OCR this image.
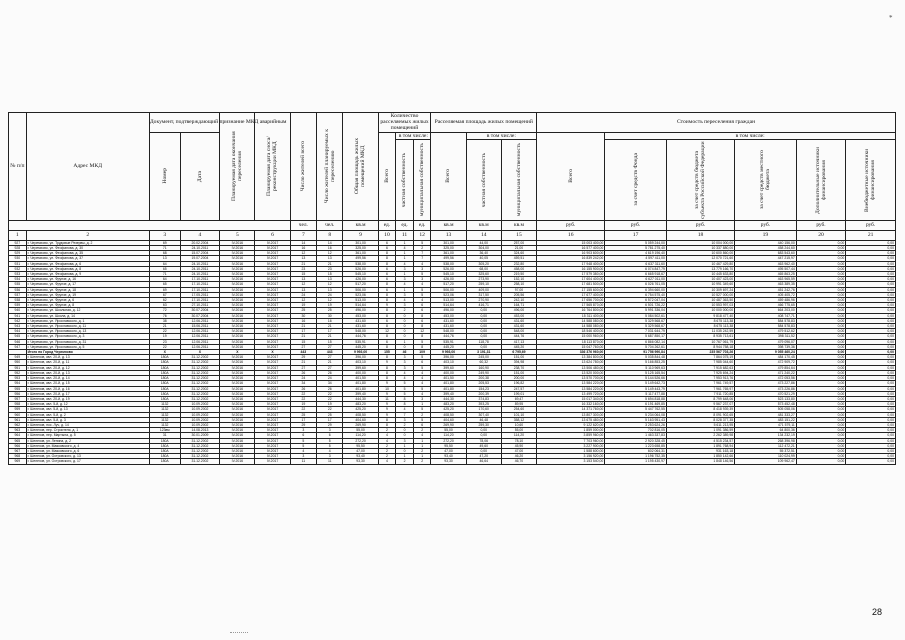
*
№ п/п	Адрес МКД	Документ, подтверждающий признание МКД аварийным		Планируемая дата окончания переселения	Планируемая дата сноса/реконструкции МКД	Число жителей всего	Число жителей планируемых к переселению	Общая площадь жилых помещений МКД	Количество расселяемых жилых помещений			Расселяемая площадь жилых помещений			Стоимость переселения граждан					

		Номер	Дата						Всего	в том числе:		Всего	в том числе:		Всего	в том числе:				

										частная собственность	муниципальная собственность		частная собственность	муниципальная собственность		за счет средств Фонда	за счет средств бюджета субъекта Российской Федерации	за счет средств местного бюджета	Дополнительные источники финансирования	Внебюджетные источники финансирования

						чел.	чел.	кв.м	ед.	ед.	ед.	кв.м	кв.м	кв.м	руб.	руб.	руб.	руб.	руб.	руб.
1	2	3	4	5	6	7	8	9	10	11	12	13	14	15	16	17	18	19	20	21
927	г. Черемхово, ул. Трудовые Резервы, д. 2	69	20.02.2004	IV.2016	IV.2017	14	14	301,00	6	1	5	301,00	44,00	257,00	15 003 400,00	5 059 244,00	10 004 000,00	440 156,00	0,00	0,00
928	г. Черемхово, ул. Феофанова, д. 30	71	24.10.2011	IV.2016	IV.2017	16	16	325,00	6	4	2	325,00	304,00	21,00	16 577 400,00	5 781 275,40	10 337 880,00	458 244,60	0,00	0,00
929	г. Черемхово, ул. Феофанова, д. 35	68	15.07.2004	IV.2016	IV.2017	12	12	361,00	8	1	7	361,00	36,40	324,60	16 903 600,00	4 619 196,40	10 600 860,00	683 543,60	0,00	0,00
930	г. Черемхово, ул. Феофанова, д. 37	13	19.07.2004	IV.2016	IV.2017	13	13	499,56	8	1	7	499,56	40,05	459,51	16 839 242,00	4 597 411,00	12 070 721,60	447 215,97	0,00	0,00
931	г. Черемхово, ул. Феофанова, д. 6	64	24.10.2011	IV.2016	IV.2017	21	21	538,00	8	4	4	538,00	305,20	232,80	17 948 400,00	6 637 311,60	10 467 429,80	463 962,40	0,00	0,00
932	г. Черемхово, ул. Феофанова, д. 8	65	24.10.2011	IV.2016	IV.2017	23	23	526,00	6	3	3	526,00	68,00	458,00	16 155 900,00	6 074 847,79	13 779 166,70	495 507,44	0,00	0,00
933	г. Черемхово, ул. Феофанова, д. 9	71	24.10.2011	IV.2016	IV.2017	15	15	545,10	6	1	5	545,10	325,60	219,50	17 579 380,00	6 665 918,67	10 445 633,80	465 863,25	0,00	0,00
934	г. Черемхово, ул. Фрунзе, д. 16	64	17.10.2011	IV.2016	IV.2017	13	13	426,00	6	3	3	426,00	273,90	152,10	17 604 400,00	6 627 011,00	10 407 423,00	463 965,59	0,00	0,00
935	г. Черемхово, ул. Фрунзе, д. 17	65	17.10.2011	IV.2016	IV.2017	12	12	517,20	8	4	4	517,20	259,10	258,10	17 681 500,00	6 026 761,05	10 991 349,60	463 389,35	0,00	0,00
936	г. Черемхово, ул. Фрунзе, д. 18	69	17.10.2011	IV.2016	IV.2017	13	13	506,00	6	1	5	506,00	409,00	97,00	17 155 600,00	6 394 660,00	10 309 697,24	451 242,76	0,00	0,00
937	г. Черемхово, ул. Фрунзе, д. 19	67	17.05.2011	IV.2016	IV.2017	24	24	523,06	8	3	5	523,06	317,50	205,56	17 677 400,00	6 754 575,40	10 527 000,00	405 405,72	0,00	0,00
938	г. Черемхово, ул. Фрунзе, д. 6	62	17.10.2011	IV.2016	IV.2017	12	12	513,00	8	4	4	513,00	270,90	242,10	17 656 700,00	6 572 047,04	10 487 363,50	459 486,96	0,00	0,00
939	г. Черемхово, ул. Фрунзе, д. 8	63	27.10.2011	IV.2016	IV.2017	19	19	514,64	9	3	6	514,64	416,71	164,71	17 565 870,00	6 501 726,22	10 553 997,03	466 775,65	0,00	0,00
940	г. Черемхово, ул. Школьная, д. 12	72	30.07.2004	IV.2016	IV.2017	25	25	496,00	8	2	6	496,00	0,00	496,00	16 764 800,00	5 991 336,04	10 000 000,00	664 203,00	0,00	0,00
941	г. Черемхово, ул. Школа, д. 14	76	30.07.2004	IV.2016	IV.2017	30	30	453,00	8	0	8	453,00	0,00	453,00	15 311 400,00	5 084 502,61	9 818 477,40	408 747,71	0,00	0,00
942	г. Черемхово, ул. Ярославского, д. 1	38	12.06.2011	IV.2016	IV.2017	16	16	431,60	6	0	6	431,60	0,00	431,60	14 588 080,00	5 329 568,67	8 675 113,38	584 578,83	0,00	0,00
943	г. Черемхово, ул. Ярославского, д. 11	21	15.06.2011	IV.2016	IV.2017	21	21	431,60	8	0	8	431,60	0,00	431,60	14 588 080,00	5 329 568,67	8 675 113,38	584 578,83	0,00	0,00
944	г. Черемхово, ул. Ярославского, д. 13	22	12.06.2011	IV.2016	IV.2017	17	17	548,00	12	0	12	548,00	0,00	548,00	18 546 400,00	7 031 644,79	11 035 242,59	479 512,62	0,00	0,00
945	г. Черемхово, ул. Ярославского, д. 3	19	12.06.2011	IV.2016	IV.2017	21	21	444,76	8	0	8	444,76	0,00	444,76	15 000 960,00	5 687 850,17	8 935 713,61	398 311,52	0,00	0,00
946	г. Черемхово, ул. Ярославского, д. 31	23	12.06.2011	IV.2016	IV.2017	15	15	535,91	6	1	5	535,91	118,78	417,13	18 113 870,00	6 866 082,14	10 767 061,79	479 096,07	0,00	0,00
947	г. Черемхово, ул. Ярославского, д. 5	22	12.06.2011	IV.2016	IV.2017	27	27	445,20	8	0	8	445,20	0,00	445,20	15 047 760,00	5 704 262,61	8 944 758,18	398 739,36	0,00	0,00
	Итого по Город Черемхово	X	X	X	X	443	443	9 993,00	155	46	109	9 993,00	3 191,31	6 795,69	336 376 960,00	91 756 990,84	235 567 703,26	9 055 460,24	0,00	0,00
949	г. Шелехов, квл. 20-й, д. 13	180A	31.12.2002	IV.2016	IV.2017	29	27	396,00	8	3	5	396,00	245,00	151,00	13 384 800,00	5 035 844,48	7 864 075,19	484 170,45	0,00	0,00
950	г. Шелехов, квл. 20-й, д. 11	180A	31.12.2002	IV.2016	IV.2017	21	21	403,10	9	3	6	403,10	60,32	394,98	13 624 780,00	5 166 853,25	7 985 044,60	472 909,72	0,00	0,00
951	г. Шелехов, квл. 20-й, д. 12	180A	31.12.2002	IV.2016	IV.2017	27	27	399,60	8	3	5	399,60	160,90	238,70	13 506 480,00	5 110 969,63	7 915 682,63	479 854,64	0,00	0,00
952	г. Шелехов, квл. 20-й, д. 13	180A	31.12.2002	IV.2016	IV.2017	26	26	400,00	8	4	4	400,00	249,90	151,00	13 520 000,00	5 125 165,54	7 925 694,24	471 240,22	0,00	0,00
953	г. Шелехов, квл. 20-й, д. 14	180A	31.12.2002	IV.2016	IV.2017	24	24	401,50	8	4	4	401,50	200,38	200,00	13 570 700,00	5 144 526,66	7 953 913,76	472 053,56	0,00	0,00
954	г. Шелехов, квл. 20-й, д. 15	180A	31.12.2002	IV.2016	IV.2017	34	34	401,80	9	5	4	401,80	205,53	196,82	13 584 220,00	5 149 642,73	7 961 749,57	473 227,86	0,00	0,00
955	г. Шелехов, квл. 20-й, д. 16	180A	31.12.2002	IV.2016	IV.2017	26	26	401,80	10	5	5	401,80	154,23	247,57	13 584 220,00	5 149 443,79	7 961 765,97	473 226,86	0,00	0,00
956	г. Шелехов, квл. 20-й, д. 17	180A	31.12.2002	IV.2016	IV.2017	22	22	399,40	9	5	4	399,40	200,39	199,01	13 499 720,00	5 117 477,88	7 911 720,85	470 521,29	0,00	0,00
957	г. Шелехов, квл. 20-й, д. 19	180A	31.12.2002	IV.2016	IV.2017	22	22	444,30	11	8	3	444,30	374,83	69,47	15 017 340,00	5 694 818,88	8 799 648,06	523 133,80	0,00	0,00
958	г. Шелехов, квл. 5-й, д. 12	1132	10.09.2002	IV.2016	IV.2017	19	19	483,20	9	8	1	483,20	393,25	89,95	16 332 160,00	6 191 469,85	9 567 237,07	573 452,48	0,00	0,00
959	г. Шелехов, квл. 5-й, д. 13	1132	10.09.2002	IV.2016	IV.2017	22	22	425,20	9	4	5	425,20	170,60	254,60	14 371 760,00	5 447 762,55	8 418 939,39	505 058,06	0,00	0,00
960	г. Шелехов, квл. 5-й, д. 2	1132	10.09.2002	IV.2016	IV.2017	25	25	408,50	9	7	2	408,50	307,40	101,10	13 807 300,00	5 234 064,08	8 091 902,65	481 333,27	0,00	0,00
961	г. Шелехов, квл. 5-й, д. 3	1132	10.09.2002	IV.2016	IV.2017	17	17	404,60	8	3	5	404,60	46,48	358,12	13 675 480,00	5 163 951,43	8 028 377,35	483 151,22	0,00	0,00
962	г. Шелехов, пос. Луч, д. 14	1132	10.09.2002	IV.2016	IV.2017	29	29	269,90	8	2	6	269,90	259,30	10,60	9 122 620,00	3 253 624,26	5 611 213,95	471 579,11	0,00	0,00
963	г. Шелехов, пер. Строителя, д. 1	123вм	14.08.2013	IV.2016	IV.2017	3	3	55,00	2	0	2	55,00	0,00	55,00	1 859 000,00	702 816,05	1 091 386,59	64 800,36	0,00	0,00
964	г. Шелехов, пер. Мартына, д. 5	31	30.01.2009	IV.2016	IV.2017	6	6	114,20	4	0	4	114,20	0,00	114,20	3 859 960,00	1 463 337,83	2 262 389,98	134 232,19	0,00	0,00
965	г. Шелехов, ул. Ленина, д. 2	180A	31.12.2002	IV.2016	IV.2017	5	5	272,20	4	3	1	272,20	78,06	78,10	7 703 960,00	2 920 328,45	4 515 234,57	268 396,98	0,00	0,00
966	г. Шелехов, ул. Маяковского, д. 4	180A	31.12.2002	IV.2016	IV.2017	5	5	95,50	2	1	1	95,50	49,60	45,90	3 227 900,00	1 223 658,85	1 891 768,94	112 472,21	0,00	0,00
967	г. Шелехов, ул. Маяковского, д. 6	180A	31.12.2002	IV.2016	IV.2017	4	4	47,00	2	0	2	47,00	0,00	47,00	1 588 600,00	602 064,31	931 163,18	55 372,51	0,00	0,00
968	г. Шелехов, ул. Островского, д. 13	180A	31.12.2002	IV.2016	IV.2017	3	3	93,40	2	1	1	93,40	47,20	46,20	3 156 920,00	1 196 752,35	1 850 142,66	110 024,99	0,00	0,00
969	г. Шелехов, ул. Островского, д. 17	180A	31.12.2002	IV.2016	IV.2017	11	11	93,30	4	2	2	93,30	46,64	46,70	3 153 540,00	1 195 430,97	1 848 146,56	109 962,47	0,00	0,00
28
